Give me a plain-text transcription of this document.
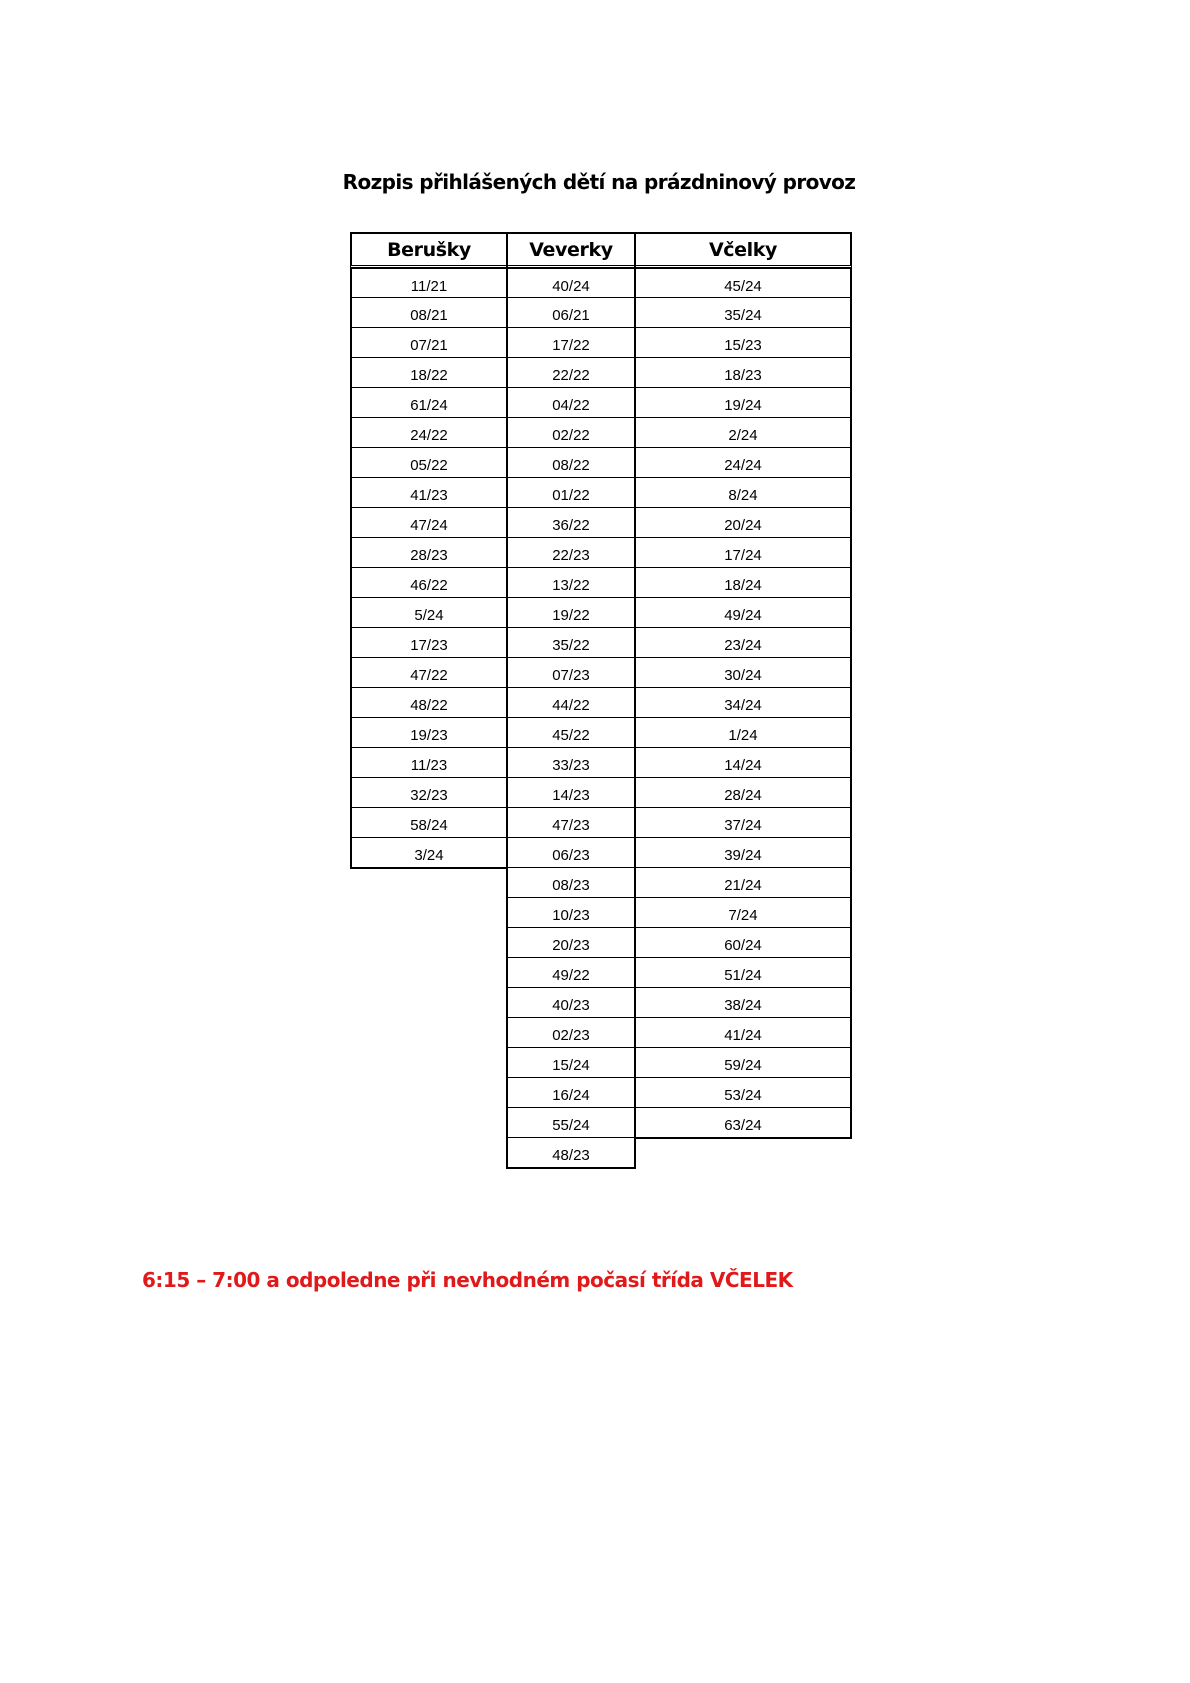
Rozpis přihlášených dětí na prázdninový provoz
Berušky
11/21
08/21
07/21
18/22
61/24
24/22
05/22
41/23
47/24
28/23
46/22
5/24
17/23
47/22
48/22
19/23
11/23
32/23
58/24
3/24
Veverky
40/24
06/21
17/22
22/22
04/22
02/22
08/22
01/22
36/22
22/23
13/22
19/22
35/22
07/23
44/22
45/22
33/23
14/23
47/23
06/23
08/23
10/23
20/23
49/22
40/23
02/23
15/24
16/24
55/24
48/23
Včelky
45/24
35/24
15/23
18/23
19/24
2/24
24/24
8/24
20/24
17/24
18/24
49/24
23/24
30/24
34/24
1/24
14/24
28/24
37/24
39/24
21/24
7/24
60/24
51/24
38/24
41/24
59/24
53/24
63/24
6:15 – 7:00 a odpoledne při nevhodném počasí třída VČELEK
